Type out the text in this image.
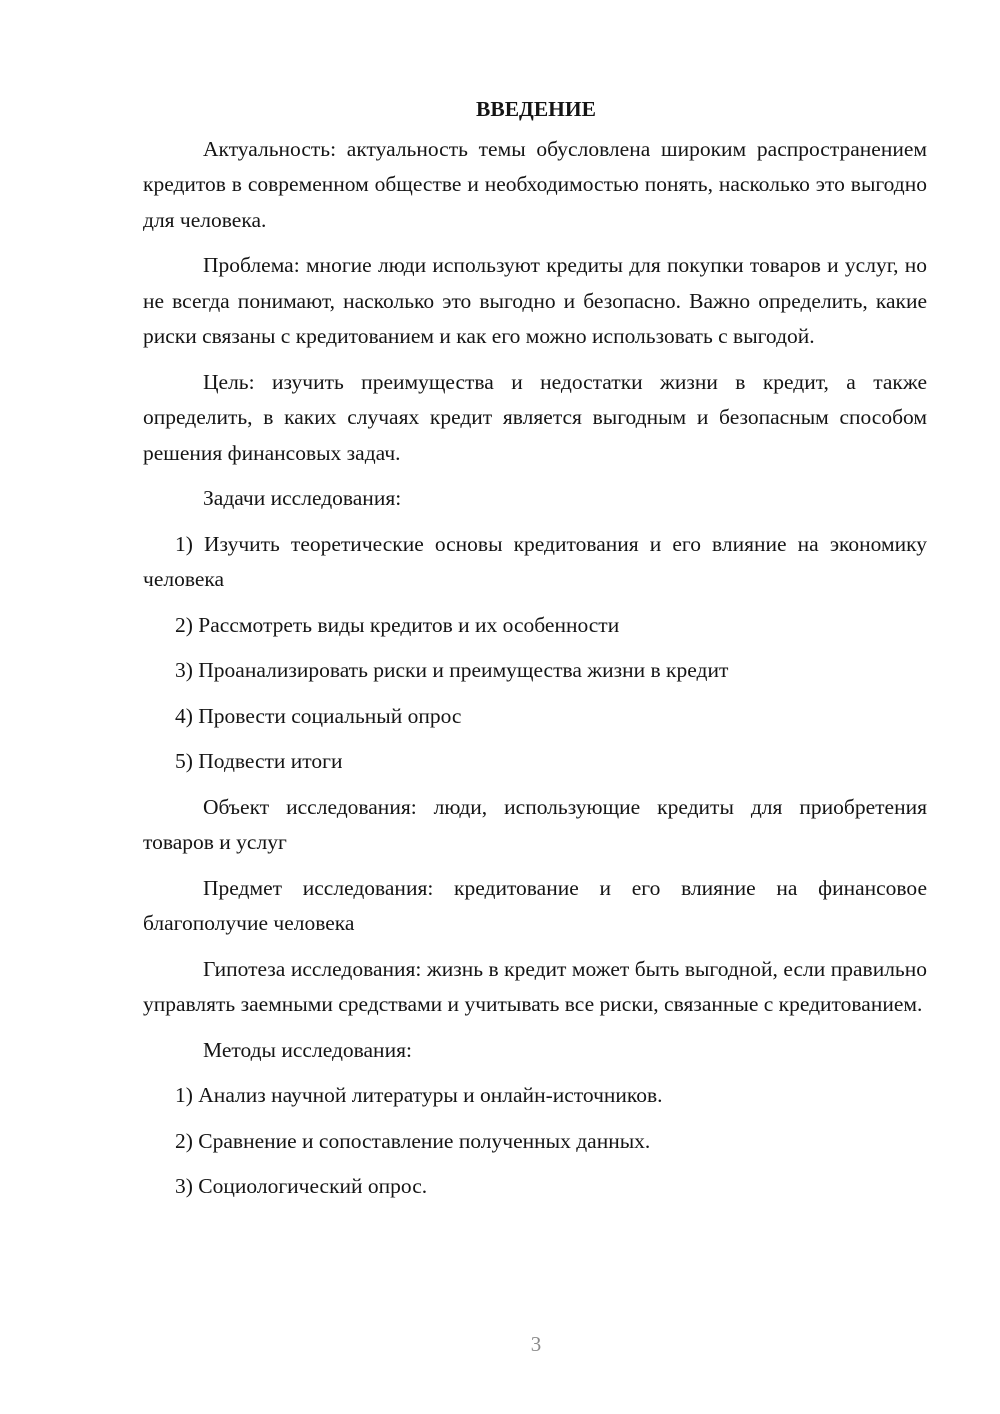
ВВЕДЕНИЕ

Актуальность: актуальность темы обусловлена широким распространением кредитов в современном обществе и необходимостью понять, насколько это выгодно для человека.

Проблема: многие люди используют кредиты для покупки товаров и услуг, но не всегда понимают, насколько это выгодно и безопасно. Важно определить, какие риски связаны с кредитованием и как его можно использовать с выгодой.

Цель: изучить преимущества и недостатки жизни в кредит, а также определить, в каких случаях кредит является выгодным и безопасным способом решения финансовых задач.

Задачи исследования:

1) Изучить теоретические основы кредитования и его влияние на экономику человека

2) Рассмотреть виды кредитов и их особенности

3) Проанализировать риски и преимущества жизни в кредит

4) Провести социальный опрос

5) Подвести итоги

Объект исследования: люди, использующие кредиты для приобретения товаров и услуг

Предмет исследования: кредитование и его влияние на финансовое благополучие человека

Гипотеза исследования: жизнь в кредит может быть выгодной, если правильно управлять заемными средствами и учитывать все риски, связанные с кредитованием.

Методы исследования:

1) Анализ научной литературы и онлайн-источников.

2) Сравнение и сопоставление полученных данных.

3) Социологический опрос.

3
